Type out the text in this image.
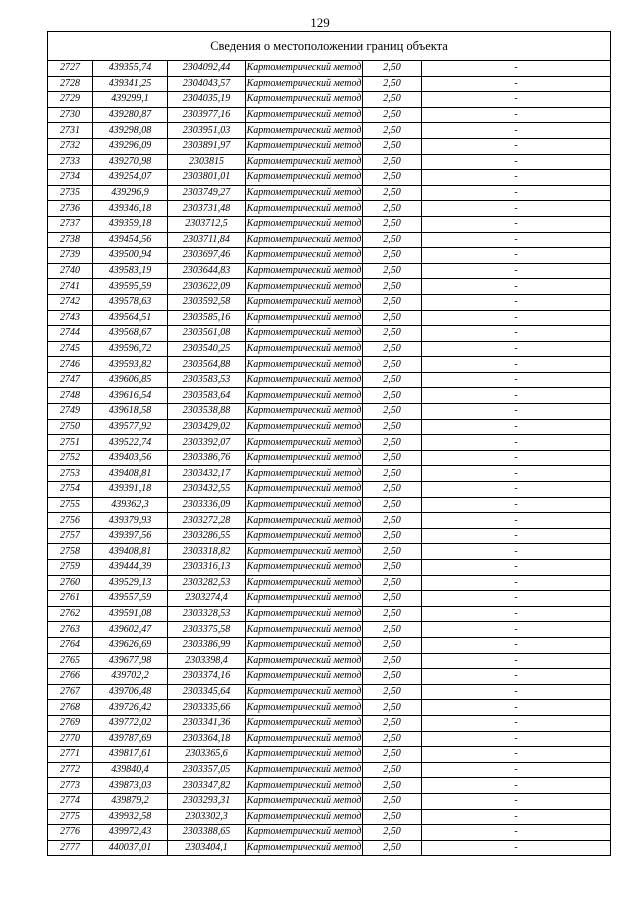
129
Сведения о местоположении границ объекта					
2727	439355,74	2304092,44	Картометрический метод	2,50	-
2728	439341,25	2304043,57	Картометрический метод	2,50	-
2729	439299,1	2304035,19	Картометрический метод	2,50	-
2730	439280,87	2303977,16	Картометрический метод	2,50	-
2731	439298,08	2303951,03	Картометрический метод	2,50	-
2732	439296,09	2303891,97	Картометрический метод	2,50	-
2733	439270,98	2303815	Картометрический метод	2,50	-
2734	439254,07	2303801,01	Картометрический метод	2,50	-
2735	439296,9	2303749,27	Картометрический метод	2,50	-
2736	439346,18	2303731,48	Картометрический метод	2,50	-
2737	439359,18	2303712,5	Картометрический метод	2,50	-
2738	439454,56	2303711,84	Картометрический метод	2,50	-
2739	439500,94	2303697,46	Картометрический метод	2,50	-
2740	439583,19	2303644,83	Картометрический метод	2,50	-
2741	439595,59	2303622,09	Картометрический метод	2,50	-
2742	439578,63	2303592,58	Картометрический метод	2,50	-
2743	439564,51	2303585,16	Картометрический метод	2,50	-
2744	439568,67	2303561,08	Картометрический метод	2,50	-
2745	439596,72	2303540,25	Картометрический метод	2,50	-
2746	439593,82	2303564,88	Картометрический метод	2,50	-
2747	439606,85	2303583,53	Картометрический метод	2,50	-
2748	439616,54	2303583,64	Картометрический метод	2,50	-
2749	439618,58	2303538,88	Картометрический метод	2,50	-
2750	439577,92	2303429,02	Картометрический метод	2,50	-
2751	439522,74	2303392,07	Картометрический метод	2,50	-
2752	439403,56	2303386,76	Картометрический метод	2,50	-
2753	439408,81	2303432,17	Картометрический метод	2,50	-
2754	439391,18	2303432,55	Картометрический метод	2,50	-
2755	439362,3	2303336,09	Картометрический метод	2,50	-
2756	439379,93	2303272,28	Картометрический метод	2,50	-
2757	439397,56	2303286,55	Картометрический метод	2,50	-
2758	439408,81	2303318,82	Картометрический метод	2,50	-
2759	439444,39	2303316,13	Картометрический метод	2,50	-
2760	439529,13	2303282,53	Картометрический метод	2,50	-
2761	439557,59	2303274,4	Картометрический метод	2,50	-
2762	439591,08	2303328,53	Картометрический метод	2,50	-
2763	439602,47	2303375,58	Картометрический метод	2,50	-
2764	439626,69	2303386,99	Картометрический метод	2,50	-
2765	439677,98	2303398,4	Картометрический метод	2,50	-
2766	439702,2	2303374,16	Картометрический метод	2,50	-
2767	439706,48	2303345,64	Картометрический метод	2,50	-
2768	439726,42	2303335,66	Картометрический метод	2,50	-
2769	439772,02	2303341,36	Картометрический метод	2,50	-
2770	439787,69	2303364,18	Картометрический метод	2,50	-
2771	439817,61	2303365,6	Картометрический метод	2,50	-
2772	439840,4	2303357,05	Картометрический метод	2,50	-
2773	439873,03	2303347,82	Картометрический метод	2,50	-
2774	439879,2	2303293,31	Картометрический метод	2,50	-
2775	439932,58	2303302,3	Картометрический метод	2,50	-
2776	439972,43	2303388,65	Картометрический метод	2,50	-
2777	440037,01	2303404,1	Картометрический метод	2,50	-
